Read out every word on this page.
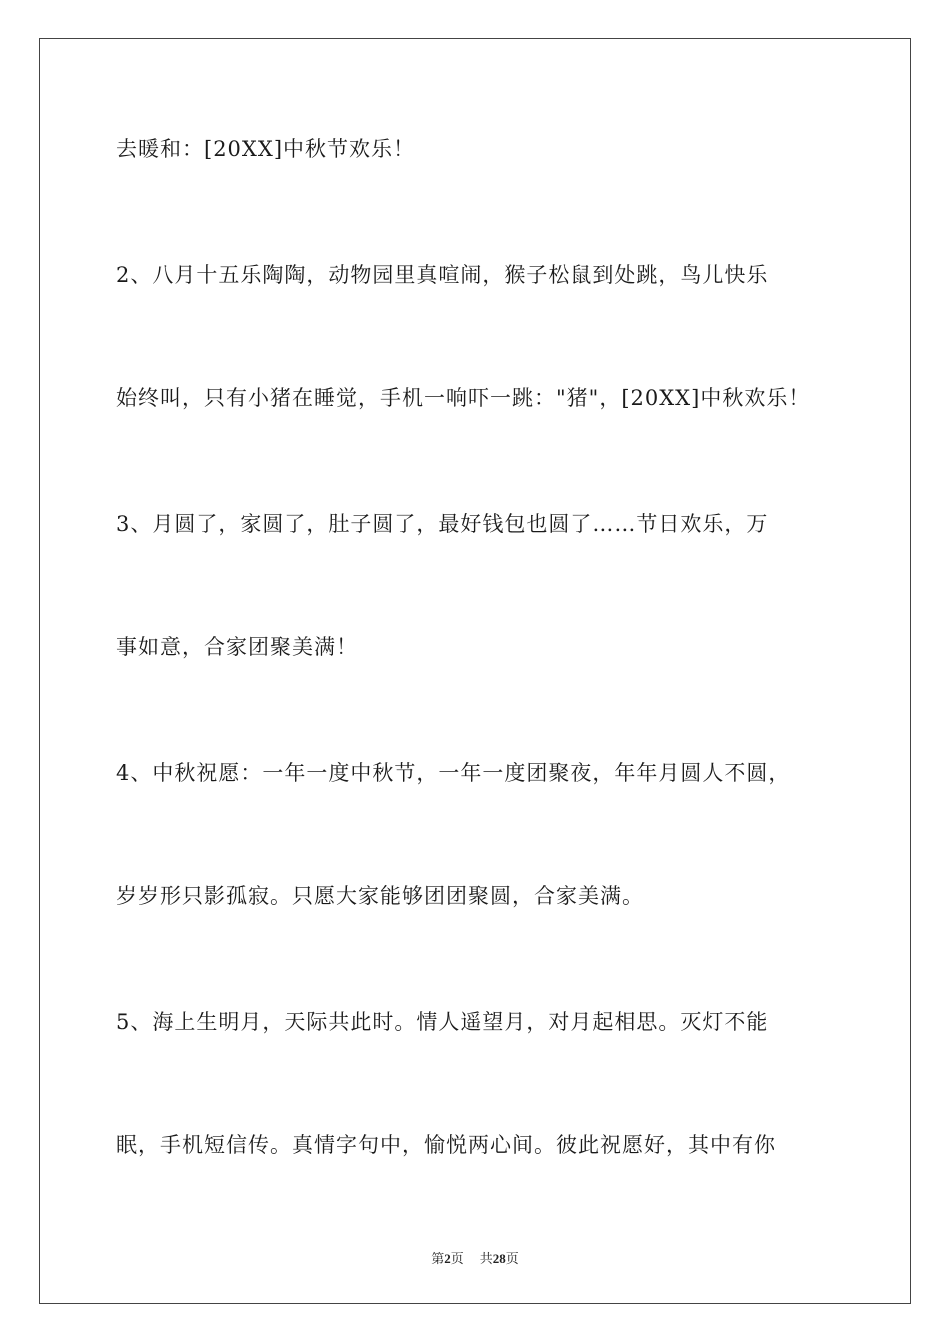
去暖和：[20XX]中秋节欢乐！
2、八月十五乐陶陶，动物园里真喧闹，猴子松鼠到处跳，鸟儿快乐
始终叫，只有小猪在睡觉，手机一响吓一跳："猪"，[20XX]中秋欢乐！
3、月圆了，家圆了，肚子圆了，最好钱包也圆了……节日欢乐，万
事如意，合家团聚美满！
4、中秋祝愿：一年一度中秋节，一年一度团聚夜，年年月圆人不圆，
岁岁形只影孤寂。只愿大家能够团团聚圆，合家美满。
5、海上生明月，天际共此时。情人遥望月，对月起相思。灭灯不能
眠，手机短信传。真情字句中，愉悦两心间。彼此祝愿好，其中有你
第2页 共28页
